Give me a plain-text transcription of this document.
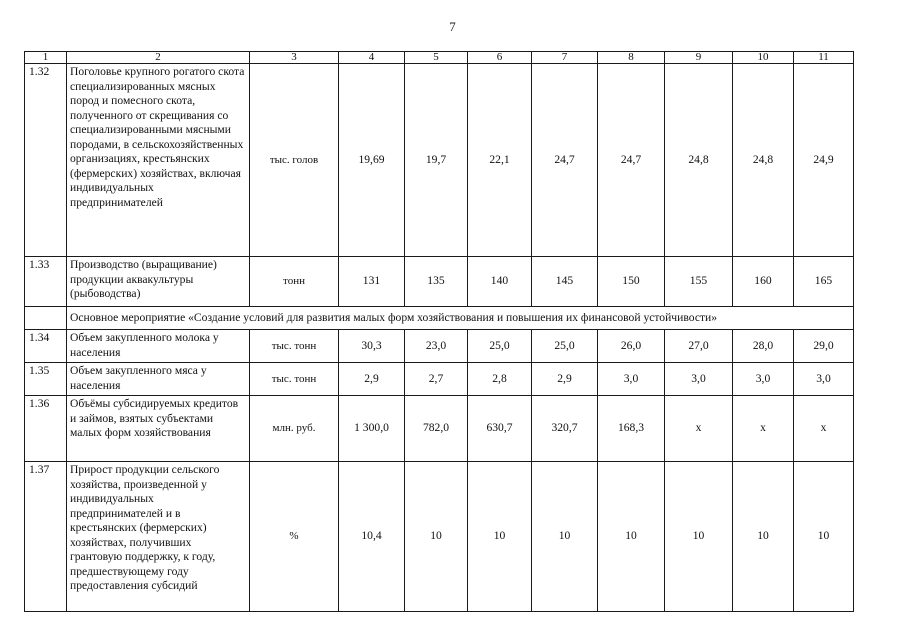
7
1	2	3	4	5	6	7	8	9	10	11
1.32	Поголовье крупного рогатого скота специализированных мясных пород и помесного скота, полученного от скрещивания со специализированными мясными породами, в сельскохозяйственных организациях, крестьянских (фермерских) хозяйствах, включая индивидуальных предпринимателей	тыс. голов	19,69	19,7	22,1	24,7	24,7	24,8	24,8	24,9
1.33	Производство (выращивание) продукции аквакультуры (рыбоводства)	тонн	131	135	140	145	150	155	160	165
	Основное мероприятие «Создание условий для развития малых форм хозяйствования и повышения их финансовой устойчивости»									
1.34	Объем закупленного молока у населения	тыс. тонн	30,3	23,0	25,0	25,0	26,0	27,0	28,0	29,0
1.35	Объем закупленного мяса у населения	тыс. тонн	2,9	2,7	2,8	2,9	3,0	3,0	3,0	3,0
1.36	Объёмы субсидируемых кредитов и займов, взятых субъектами малых форм хозяйствования	млн. руб.	1 300,0	782,0	630,7	320,7	168,3	х	х	х
1.37	Прирост продукции сельского хозяйства, произведенной у индивидуальных предпринимателей и в крестьянских (фермерских) хозяйствах, получивших грантовую поддержку, к году, предшествующему году предоставления субсидий	%	10,4	10	10	10	10	10	10	10
